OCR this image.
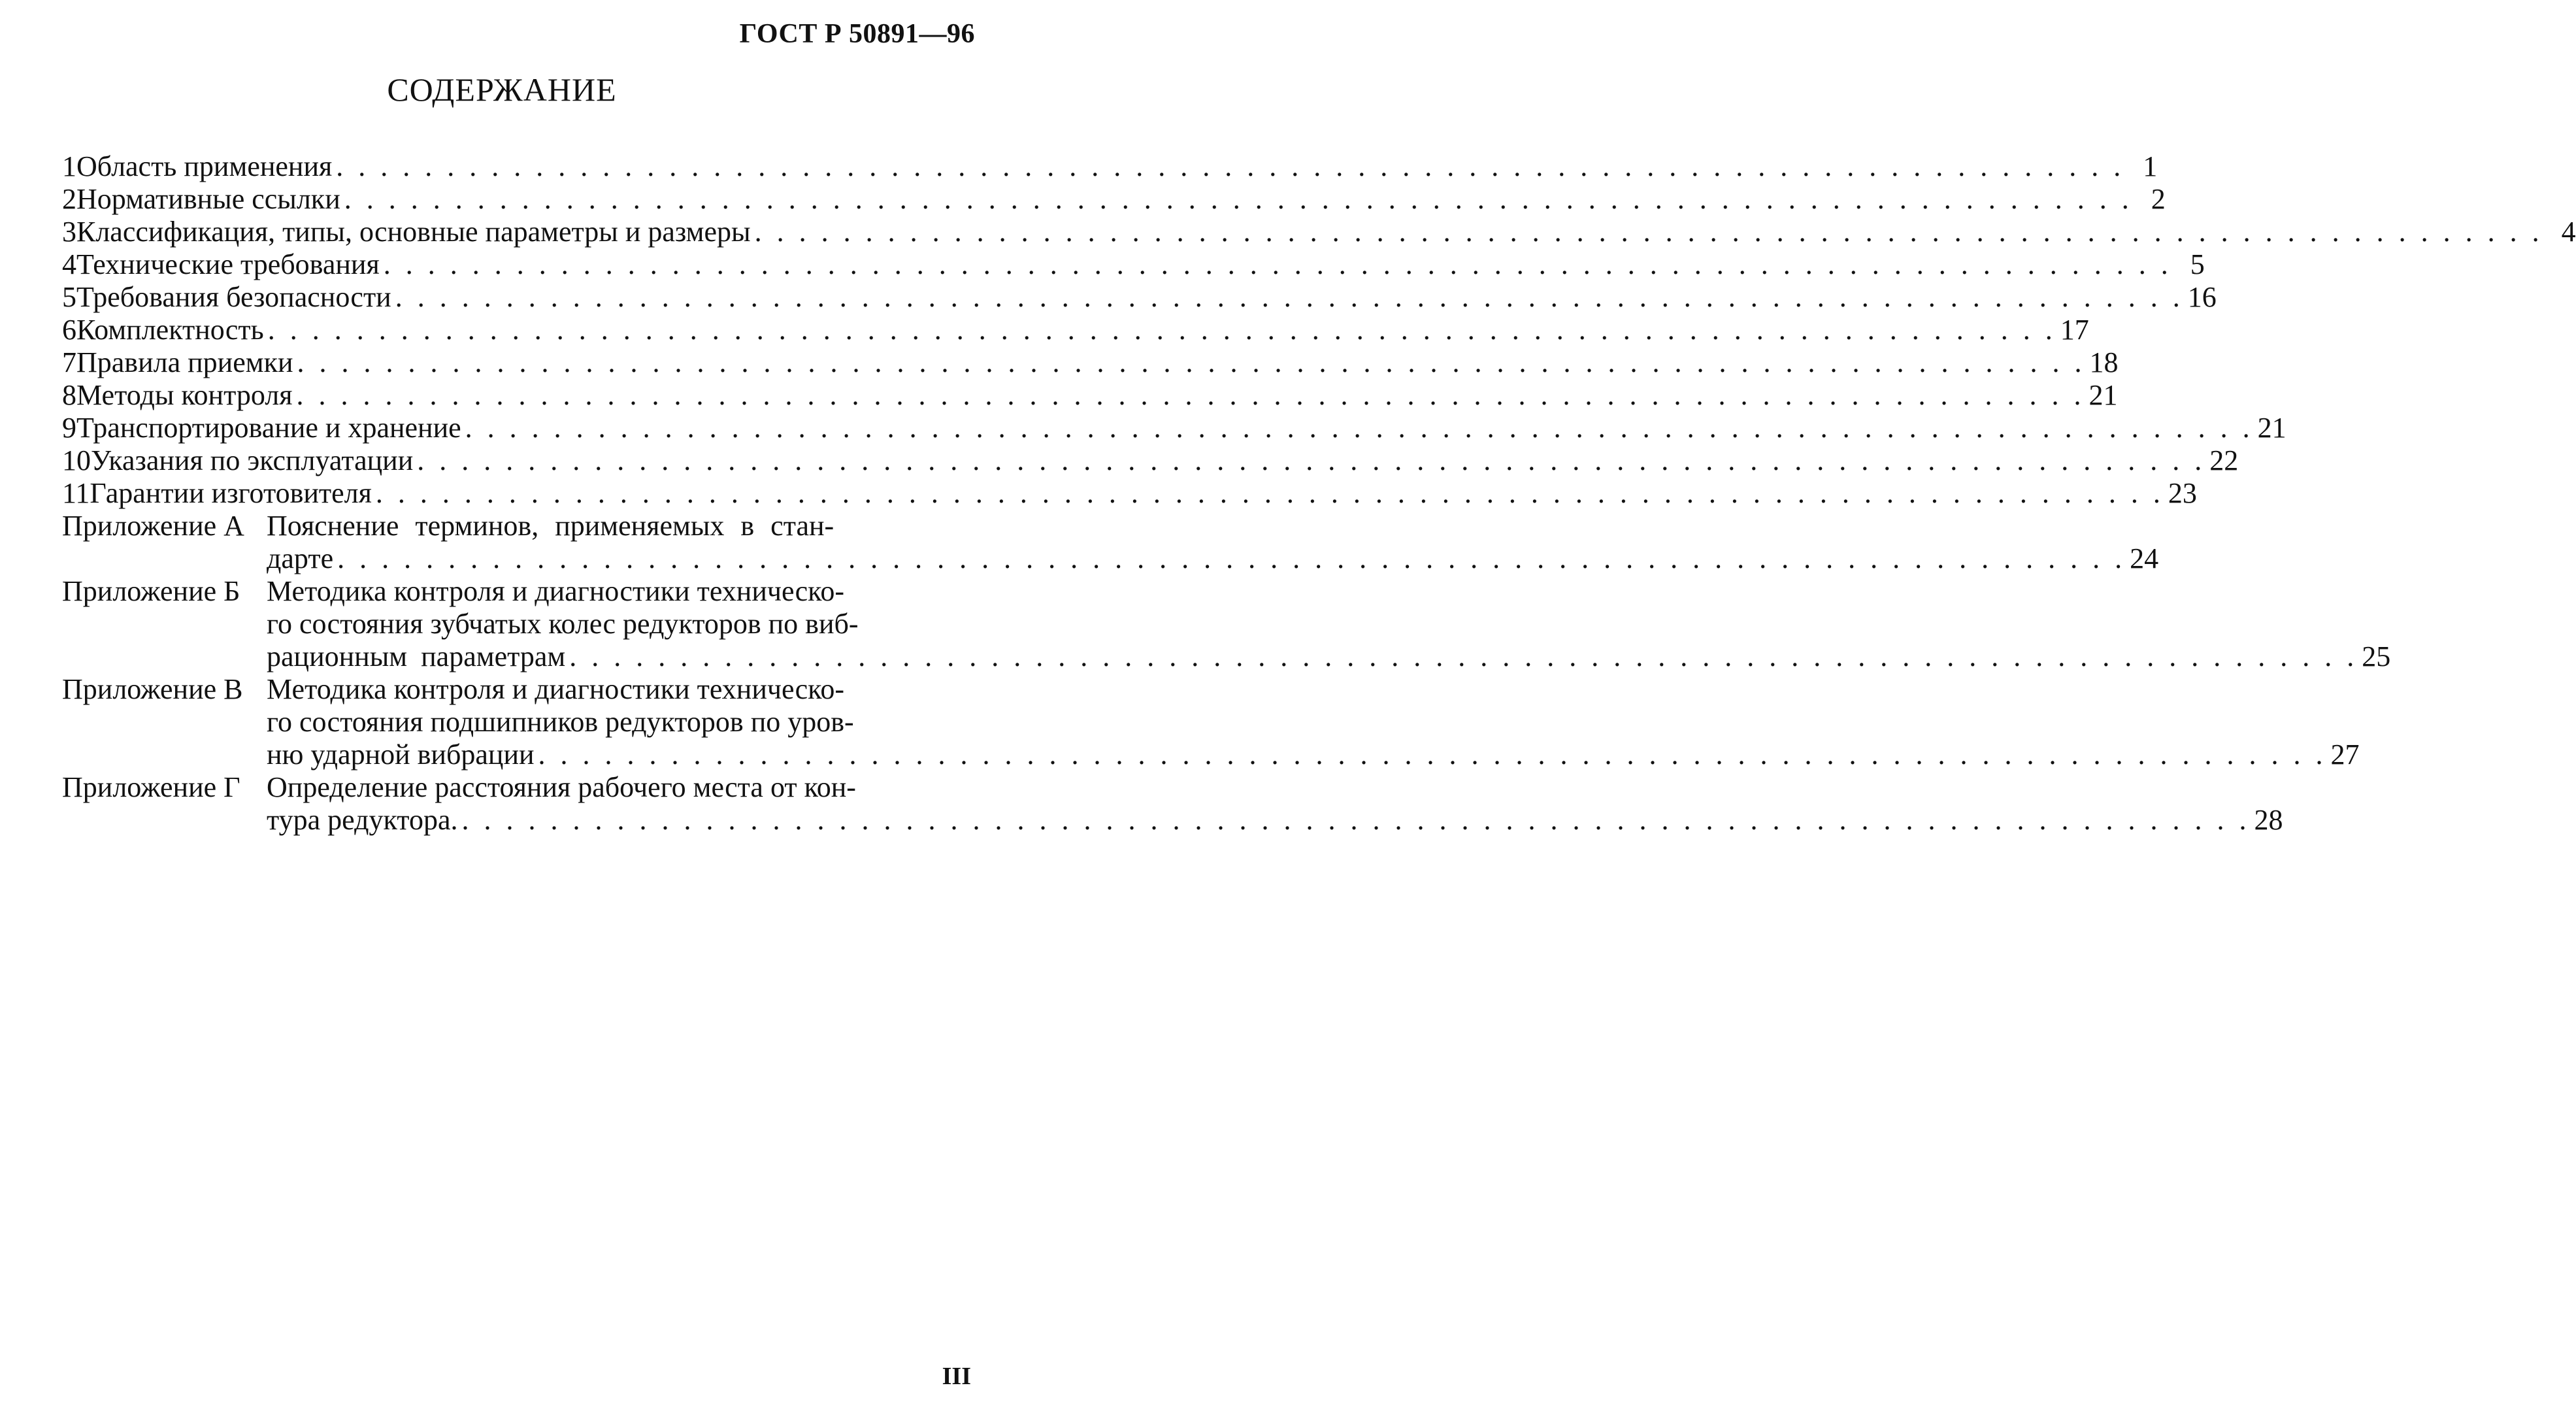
ГОСТ Р 50891—96
СОДЕРЖАНИЕ
1 Область применения . . .	1
2 Нормативные ссылки . . .	2
3 Классификация, типы, основные параметры и размеры . . .	4
4 Технические требования . . .	5
5 Требования безопасности . . .	16
6 Комплектность . . .	17
7 Правила приемки . . .	18
8 Методы контроля . . .	21
9 Транспортирование и хранение . . .	21
10 Указания по эксплуатации . . .	22
11 Гарантии изготовителя . . .	23
Приложение А Пояснение терминов, применяемых в стан-
дарте . . .	24
Приложение Б Методика контроля и диагностики техническо-
го состояния зубчатых колес редукторов по виб-
рационным параметрам . . .	25
Приложение В Методика контроля и диагностики техническо-
го состояния подшипников редукторов по уров-
ню ударной вибрации . . .	27
Приложение Г Определение расстояния рабочего места от кон-
тура редуктора. . . .	28
III
